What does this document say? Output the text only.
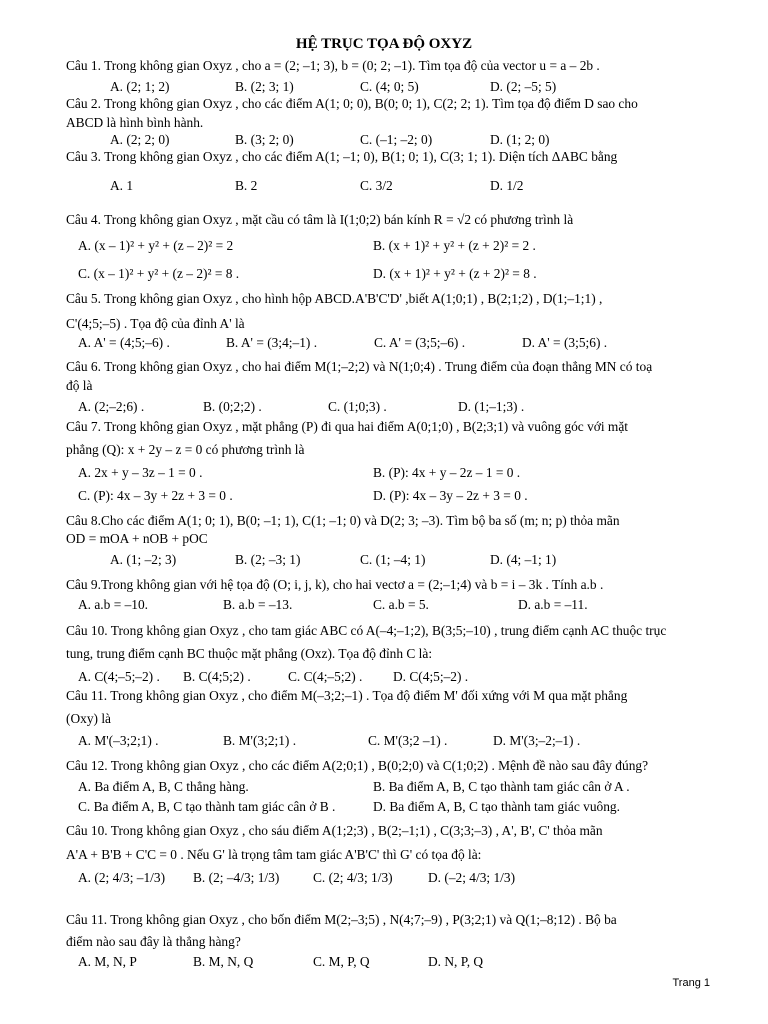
HỆ TRỤC TỌA ĐỘ OXYZ
Câu 1. Trong không gian Oxyz , cho a = (2; –1; 3), b = (0; 2; –1). Tìm tọa độ của vector u = a – 2b .
A. (2; 1; 2)	B. (2; 3; 1)	C. (4; 0; 5)	D. (2; –5; 5)
Câu 2. Trong không gian Oxyz , cho các điểm A(1; 0; 0), B(0; 0; 1), C(2; 2; 1). Tìm tọa độ điểm D sao cho
ABCD là hình bình hành.
A. (2; 2; 0)	B. (3; 2; 0)	C. (–1; –2; 0)	D. (1; 2; 0)
Câu 3. Trong không gian Oxyz , cho các điểm A(1; –1; 0), B(1; 0; 1), C(3; 1; 1). Diện tích ΔABC bằng
A. 1	B. 2	C. 3/2	D. 1/2
Câu 4. Trong không gian Oxyz , mặt cầu có tâm là I(1;0;2) bán kính R = √2 có phương trình là
A. (x – 1)² + y² + (z – 2)² = 2	B. (x + 1)² + y² + (z + 2)² = 2 .
C. (x – 1)² + y² + (z – 2)² = 8 .	D. (x + 1)² + y² + (z + 2)² = 8 .
Câu 5. Trong không gian Oxyz , cho hình hộp ABCD.A'B'C'D' ,biết A(1;0;1) , B(2;1;2) , D(1;–1;1) ,
C'(4;5;–5) . Tọa độ của đỉnh A' là
A. A' = (4;5;–6) .	B. A' = (3;4;–1) .	C. A' = (3;5;–6) .	D. A' = (3;5;6) .
Câu 6. Trong không gian Oxyz , cho hai điểm M(1;–2;2) và N(1;0;4) . Trung điểm của đoạn thẳng MN có toạ
độ là
A. (2;–2;6) .	B. (0;2;2) .	C. (1;0;3) .	D. (1;–1;3) .
Câu 7. Trong không gian Oxyz , mặt phẳng (P) đi qua hai điểm A(0;1;0) , B(2;3;1) và vuông góc với mặt
phẳng (Q): x + 2y – z = 0 có phương trình là
A. 2x + y – 3z – 1 = 0 .	B. (P): 4x + y – 2z – 1 = 0 .
C. (P): 4x – 3y + 2z + 3 = 0 .	D. (P): 4x – 3y – 2z + 3 = 0 .
Câu 8.Cho các điểm A(1; 0; 1), B(0; –1; 1), C(1; –1; 0) và D(2; 3; –3). Tìm bộ ba số (m; n; p) thỏa mãn
OD = mOA + nOB + pOC
A. (1; –2; 3)	B. (2; –3; 1)	C. (1; –4; 1)	D. (4; –1; 1)
Câu 9.Trong không gian với hệ tọa độ (O; i, j, k), cho hai vectơ a = (2;–1;4) và b = i – 3k . Tính a.b .
A. a.b = –10.	B. a.b = –13.	C. a.b = 5.	D. a.b = –11.
Câu 10. Trong không gian Oxyz , cho tam giác ABC có A(–4;–1;2), B(3;5;–10) , trung điểm cạnh AC thuộc trục
tung, trung điểm cạnh BC thuộc mặt phẳng (Oxz). Tọa độ đỉnh C là:
A. C(4;–5;–2) . B. C(4;5;2) .	C. C(4;–5;2) . D. C(4;5;–2) .
Câu 11. Trong không gian Oxyz , cho điểm M(–3;2;–1) . Tọa độ điểm M' đối xứng với M qua mặt phẳng
(Oxy) là
A. M'(–3;2;1) .	B. M'(3;2;1) .	C. M'(3;2 –1) .	D. M'(3;–2;–1) .
Câu 12. Trong không gian Oxyz , cho các điểm A(2;0;1) , B(0;2;0) và C(1;0;2) . Mệnh đề nào sau đây đúng?
A. Ba điểm A, B, C thẳng hàng.	B. Ba điểm A, B, C tạo thành tam giác cân ở A .
C. Ba điểm A, B, C tạo thành tam giác cân ở B .	D. Ba điểm A, B, C tạo thành tam giác vuông.
Câu 10. Trong không gian Oxyz , cho sáu điểm A(1;2;3) , B(2;–1;1) , C(3;3;–3) , A', B', C' thỏa mãn
A'A + B'B + C'C = 0 . Nếu G' là trọng tâm tam giác A'B'C' thì G' có tọa độ là:
A. (2; 4/3; –1/3) B. (2; –4/3; 1/3)	C. (2; 4/3; 1/3)	D. (–2; 4/3; 1/3)
Câu 11. Trong không gian Oxyz , cho bốn điểm M(2;–3;5) , N(4;7;–9) , P(3;2;1) và Q(1;–8;12) . Bộ ba
điểm nào sau đây là thẳng hàng?
A. M, N, P	B. M, N, Q	C. M, P, Q	D. N, P, Q
Trang 1
